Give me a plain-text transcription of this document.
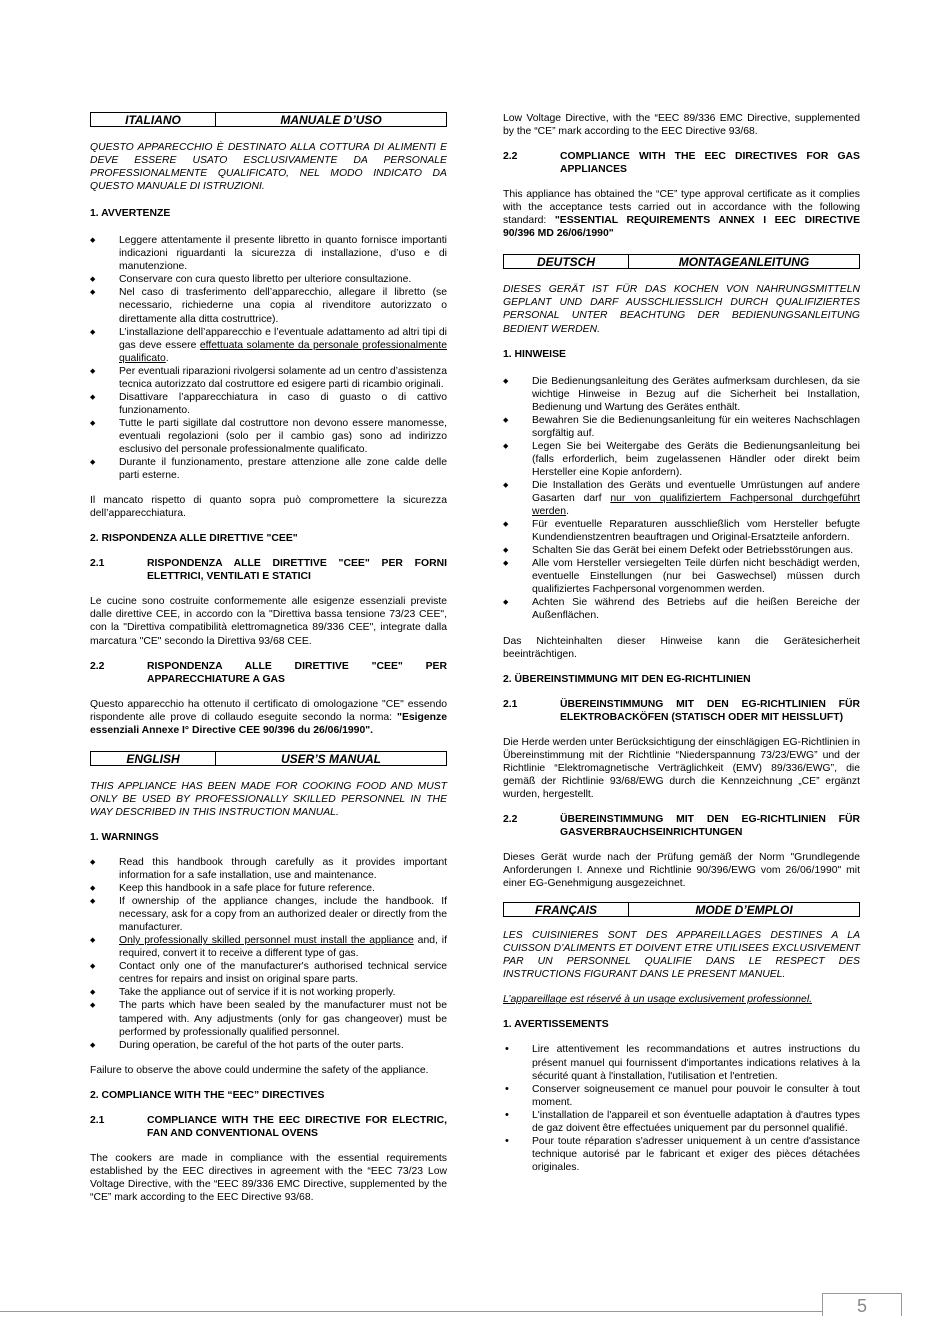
ITALIANO	MANUALE D’USO

QUESTO APPARECCHIO È DESTINATO ALLA COTTURA DI ALIMENTI E DEVE ESSERE USATO ESCLUSIVAMENTE DA PERSONALE PROFESSIONALMENTE QUALIFICATO, NEL MODO INDICATO DA QUESTO MANUALE DI ISTRUZIONI.

1. AVVERTENZE

◆ Leggere attentamente il presente libretto in quanto fornisce importanti indicazioni riguardanti la sicurezza di installazione, d’uso e di manutenzione.
◆ Conservare con cura questo libretto per ulteriore consultazione.
◆ Nel caso di trasferimento dell’apparecchio, allegare il libretto (se necessario, richiederne una copia al rivenditore autorizzato o direttamente alla ditta costruttrice).
◆ L’installazione dell’apparecchio e l’eventuale adattamento ad altri tipi di gas deve essere effettuata solamente da personale professionalmente qualificato.
◆ Per eventuali riparazioni rivolgersi solamente ad un centro d’assistenza tecnica autorizzato dal costruttore ed esigere parti di ricambio originali.
◆ Disattivare l’apparecchiatura in caso di guasto o di cattivo funzionamento.
◆ Tutte le parti sigillate dal costruttore non devono essere manomesse, eventuali regolazioni (solo per il cambio gas) sono ad indirizzo esclusivo del personale professionalmente qualificato.
◆ Durante il funzionamento, prestare attenzione alle zone calde delle parti esterne.

Il mancato rispetto di quanto sopra può compromettere la sicurezza dell’apparecchiatura.

2. RISPONDENZA ALLE DIRETTIVE "CEE"

2.1	RISPONDENZA ALLE DIRETTIVE "CEE" PER FORNI ELETTRICI, VENTILATI E STATICI

Le cucine sono costruite conformemente alle esigenze essenziali previste dalle direttive CEE, in accordo con la "Direttiva bassa tensione 73/23 CEE", con la "Direttiva compatibilità elettromagnetica 89/336 CEE", integrate dalla marcatura "CE" secondo la Direttiva 93/68 CEE.

2.2	RISPONDENZA ALLE DIRETTIVE "CEE" PER APPARECCHIATURE A GAS

Questo apparecchio ha ottenuto il certificato di omologazione "CE" essendo rispondente alle prove di collaudo eseguite secondo la norma: "Esigenze essenziali Annexe I° Directive CEE 90/396 du 26/06/1990".

ENGLISH	USER’S MANUAL

THIS APPLIANCE HAS BEEN MADE FOR COOKING FOOD AND MUST ONLY BE USED BY PROFESSIONALLY SKILLED PERSONNEL IN THE WAY DESCRIBED IN THIS INSTRUCTION MANUAL.

1. WARNINGS

◆ Read this handbook through carefully as it provides important information for a safe installation, use and maintenance.
◆ Keep this handbook in a safe place for future reference.
◆ If ownership of the appliance changes, include the handbook. If necessary, ask for a copy from an authorized dealer or directly from the manufacturer.
◆ Only professionally skilled personnel must install the appliance and, if required, convert it to receive a different type of gas.
◆ Contact only one of the manufacturer's authorised technical service centres for repairs and insist on original spare parts.
◆ Take the appliance out of service if it is not working properly.
◆ The parts which have been sealed by the manufacturer must not be tampered with. Any adjustments (only for gas changeover) must be performed by professionally qualified personnel.
◆ During operation, be careful of the hot parts of the outer parts.

Failure to observe the above could undermine the safety of the appliance.

2. COMPLIANCE WITH THE “EEC” DIRECTIVES

2.1	COMPLIANCE WITH THE EEC DIRECTIVE FOR ELECTRIC, FAN AND CONVENTIONAL OVENS

The cookers are made in compliance with the essential requirements established by the EEC directives in agreement with the “EEC 73/23 Low Voltage Directive, with the “EEC 89/336 EMC Directive, supplemented by the “CE” mark according to the EEC Directive 93/68.

Low Voltage Directive, with the “EEC 89/336 EMC Directive, supplemented by the “CE” mark according to the EEC Directive 93/68.

2.2	COMPLIANCE WITH THE EEC DIRECTIVES FOR GAS APPLIANCES

This appliance has obtained the “CE” type approval certificate as it complies with the acceptance tests carried out in accordance with the following standard: "ESSENTIAL REQUIREMENTS ANNEX I EEC DIRECTIVE 90/396 MD 26/06/1990"

DEUTSCH	MONTAGEANLEITUNG

DIESES GERÄT IST FÜR DAS KOCHEN VON NAHRUNGSMITTELN GEPLANT UND DARF AUSSCHLIESSLICH DURCH QUALIFIZIERTES PERSONAL UNTER BEACHTUNG DER BEDIENUNGSANLEITUNG BEDIENT WERDEN.

1. HINWEISE

◆ Die Bedienungsanleitung des Gerätes aufmerksam durchlesen, da sie wichtige Hinweise in Bezug auf die Sicherheit bei Installation, Bedienung und Wartung des Gerätes enthält.
◆ Bewahren Sie die Bedienungsanleitung für ein weiteres Nachschlagen sorgfältig auf.
◆ Legen Sie bei Weitergabe des Geräts die Bedienungsanleitung bei (falls erforderlich, beim zugelassenen Händler oder direkt beim Hersteller eine Kopie anfordern).
◆ Die Installation des Geräts und eventuelle Umrüstungen auf andere Gasarten darf nur von qualifiziertem Fachpersonal durchgeführt werden.
◆ Für eventuelle Reparaturen ausschließlich vom Hersteller befugte Kundendienstzentren beauftragen und Original-Ersatzteile anfordern.
◆ Schalten Sie das Gerät bei einem Defekt oder Betriebsstörungen aus.
◆ Alle vom Hersteller versiegelten Teile dürfen nicht beschädigt werden, eventuelle Einstellungen (nur bei Gaswechsel) müssen durch qualifiziertes Fachpersonal vorgenommen werden.
◆ Achten Sie während des Betriebs auf die heißen Bereiche der Außenflächen.

Das Nichteinhalten dieser Hinweise kann die Gerätesicherheit beeinträchtigen.

2. ÜBEREINSTIMMUNG MIT DEN EG-RICHTLINIEN

2.1	ÜBEREINSTIMMUNG MIT DEN EG-RICHTLINIEN FÜR ELEKTROBACKÖFEN (STATISCH ODER MIT HEISSLUFT)

Die Herde werden unter Berücksichtigung der einschlägigen EG-Richtlinien in Übereinstimmung mit der Richtlinie “Niederspannung 73/23/EWG” und der Richtlinie “Elektromagnetische Verträglichkeit (EMV) 89/336/EWG”, die gemäß der Richtlinie 93/68/EWG durch die Kennzeichnung „CE” ergänzt wurden, hergestellt.

2.2	ÜBEREINSTIMMUNG MIT DEN EG-RICHTLINIEN FÜR GASVERBRAUCHSEINRICHTUNGEN

Dieses Gerät wurde nach der Prüfung gemäß der Norm "Grundlegende Anforderungen I. Annexe und Richtlinie 90/396/EWG vom 26/06/1990" mit einer EG-Genehmigung ausgezeichnet.

FRANÇAIS	MODE D’EMPLOI

LES CUISINIERES SONT DES APPAREILLAGES DESTINES A LA CUISSON D’ALIMENTS ET DOIVENT ETRE UTILISEES EXCLUSIVEMENT PAR UN PERSONNEL QUALIFIE DANS LE RESPECT DES INSTRUCTIONS FIGURANT DANS LE PRESENT MANUEL.

L’appareillage est réservé à un usage exclusivement professionnel.

1. AVERTISSEMENTS

• Lire attentivement les recommandations et autres instructions du présent manuel qui fournissent d'importantes indications relatives à la sécurité quant à l'installation, l'utilisation et l'entretien.
• Conserver soigneusement ce manuel pour pouvoir le consulter à tout moment.
• L'installation de l'appareil et son éventuelle adaptation à d'autres types de gaz doivent être effectuées uniquement par du personnel qualifié.
• Pour toute réparation s'adresser uniquement à un centre d'assistance technique autorisé par le fabricant et exiger des pièces détachées originales.
5
